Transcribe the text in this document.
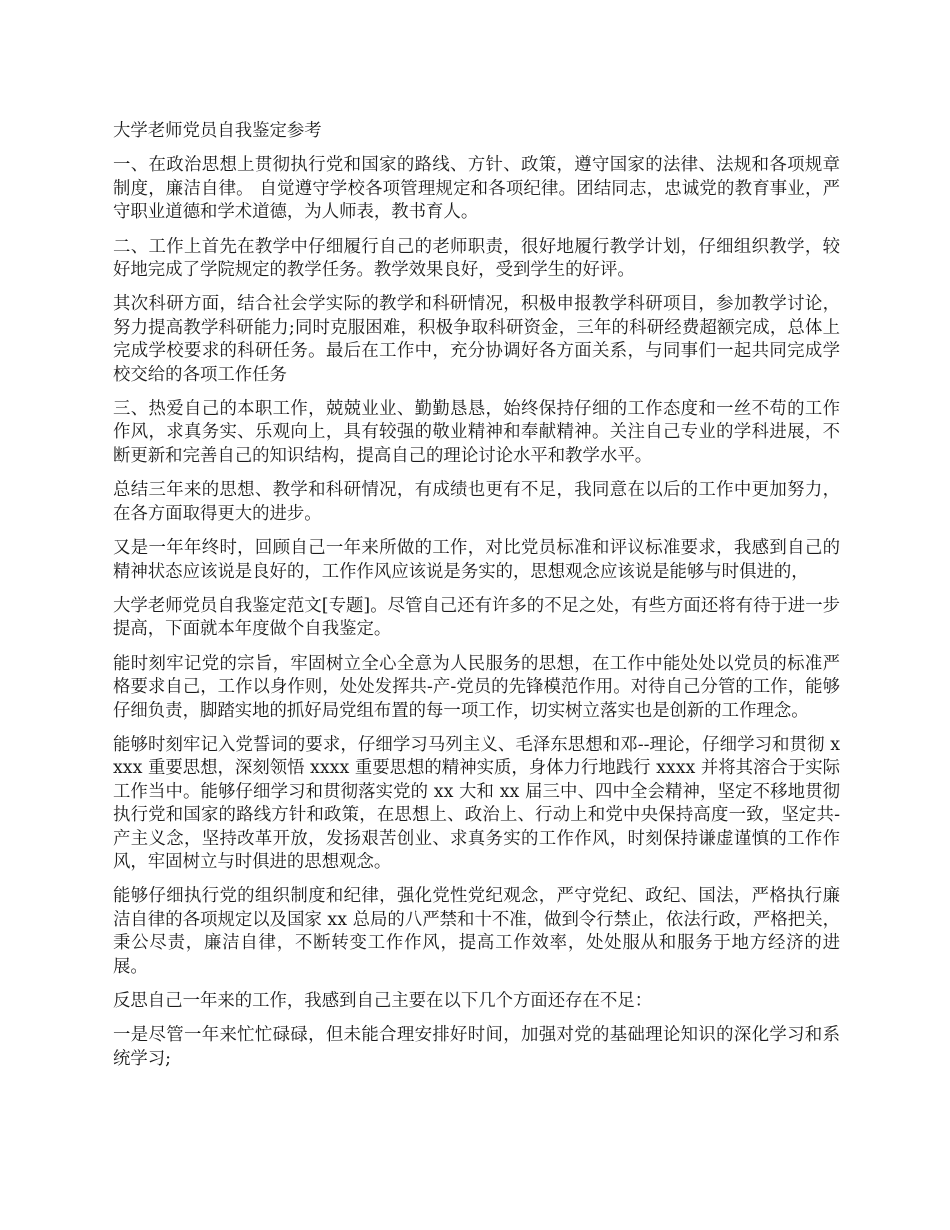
大学老师党员自我鉴定参考

一、在政治思想上贯彻执行党和国家的路线、方针、政策，遵守国家的法律、法规和各项规章制度，廉洁自律。 自觉遵守学校各项管理规定和各项纪律。团结同志，忠诚党的教育事业，严守职业道德和学术道德，为人师表，教书育人。

二、工作上首先在教学中仔细履行自己的老师职责，很好地履行教学计划，仔细组织教学，较好地完成了学院规定的教学任务。教学效果良好，受到学生的好评。

其次科研方面，结合社会学实际的教学和科研情况，积极申报教学科研项目，参加教学讨论，努力提高教学科研能力;同时克服困难，积极争取科研资金，三年的科研经费超额完成，总体上完成学校要求的科研任务。最后在工作中，充分协调好各方面关系，与同事们一起共同完成学校交给的各项工作任务

三、热爱自己的本职工作，兢兢业业、勤勤恳恳，始终保持仔细的工作态度和一丝不苟的工作作风，求真务实、乐观向上，具有较强的敬业精神和奉献精神。关注自己专业的学科进展，不断更新和完善自己的知识结构，提高自己的理论讨论水平和教学水平。

总结三年来的思想、教学和科研情况，有成绩也更有不足，我同意在以后的工作中更加努力，在各方面取得更大的进步。

又是一年年终时，回顾自己一年来所做的工作，对比党员标准和评议标准要求，我感到自己的精神状态应该说是良好的，工作作风应该说是务实的，思想观念应该说是能够与时俱进的，

大学老师党员自我鉴定范文[专题]。尽管自己还有许多的不足之处，有些方面还将有待于进一步提高，下面就本年度做个自我鉴定。

能时刻牢记党的宗旨，牢固树立全心全意为人民服务的思想，在工作中能处处以党员的标准严格要求自己，工作以身作则，处处发挥共-产-党员的先锋模范作用。对待自己分管的工作，能够仔细负责，脚踏实地的抓好局党组布置的每一项工作，切实树立落实也是创新的工作理念。

能够时刻牢记入党誓词的要求，仔细学习马列主义、毛泽东思想和邓--理论，仔细学习和贯彻 xxxx 重要思想，深刻领悟 xxxx 重要思想的精神实质，身体力行地践行 xxxx 并将其溶合于实际工作当中。能够仔细学习和贯彻落实党的 xx 大和 xx 届三中、四中全会精神，坚定不移地贯彻执行党和国家的路线方针和政策，在思想上、政治上、行动上和党中央保持高度一致，坚定共-产主义念，坚持改革开放，发扬艰苦创业、求真务实的工作作风，时刻保持谦虚谨慎的工作作风，牢固树立与时俱进的思想观念。

能够仔细执行党的组织制度和纪律，强化党性党纪观念，严守党纪、政纪、国法，严格执行廉洁自律的各项规定以及国家 xx 总局的八严禁和十不准，做到令行禁止，依法行政，严格把关，秉公尽责，廉洁自律，不断转变工作作风，提高工作效率，处处服从和服务于地方经济的进展。

反思自己一年来的工作，我感到自己主要在以下几个方面还存在不足：

一是尽管一年来忙忙碌碌，但未能合理安排好时间，加强对党的基础理论知识的深化学习和系统学习;
